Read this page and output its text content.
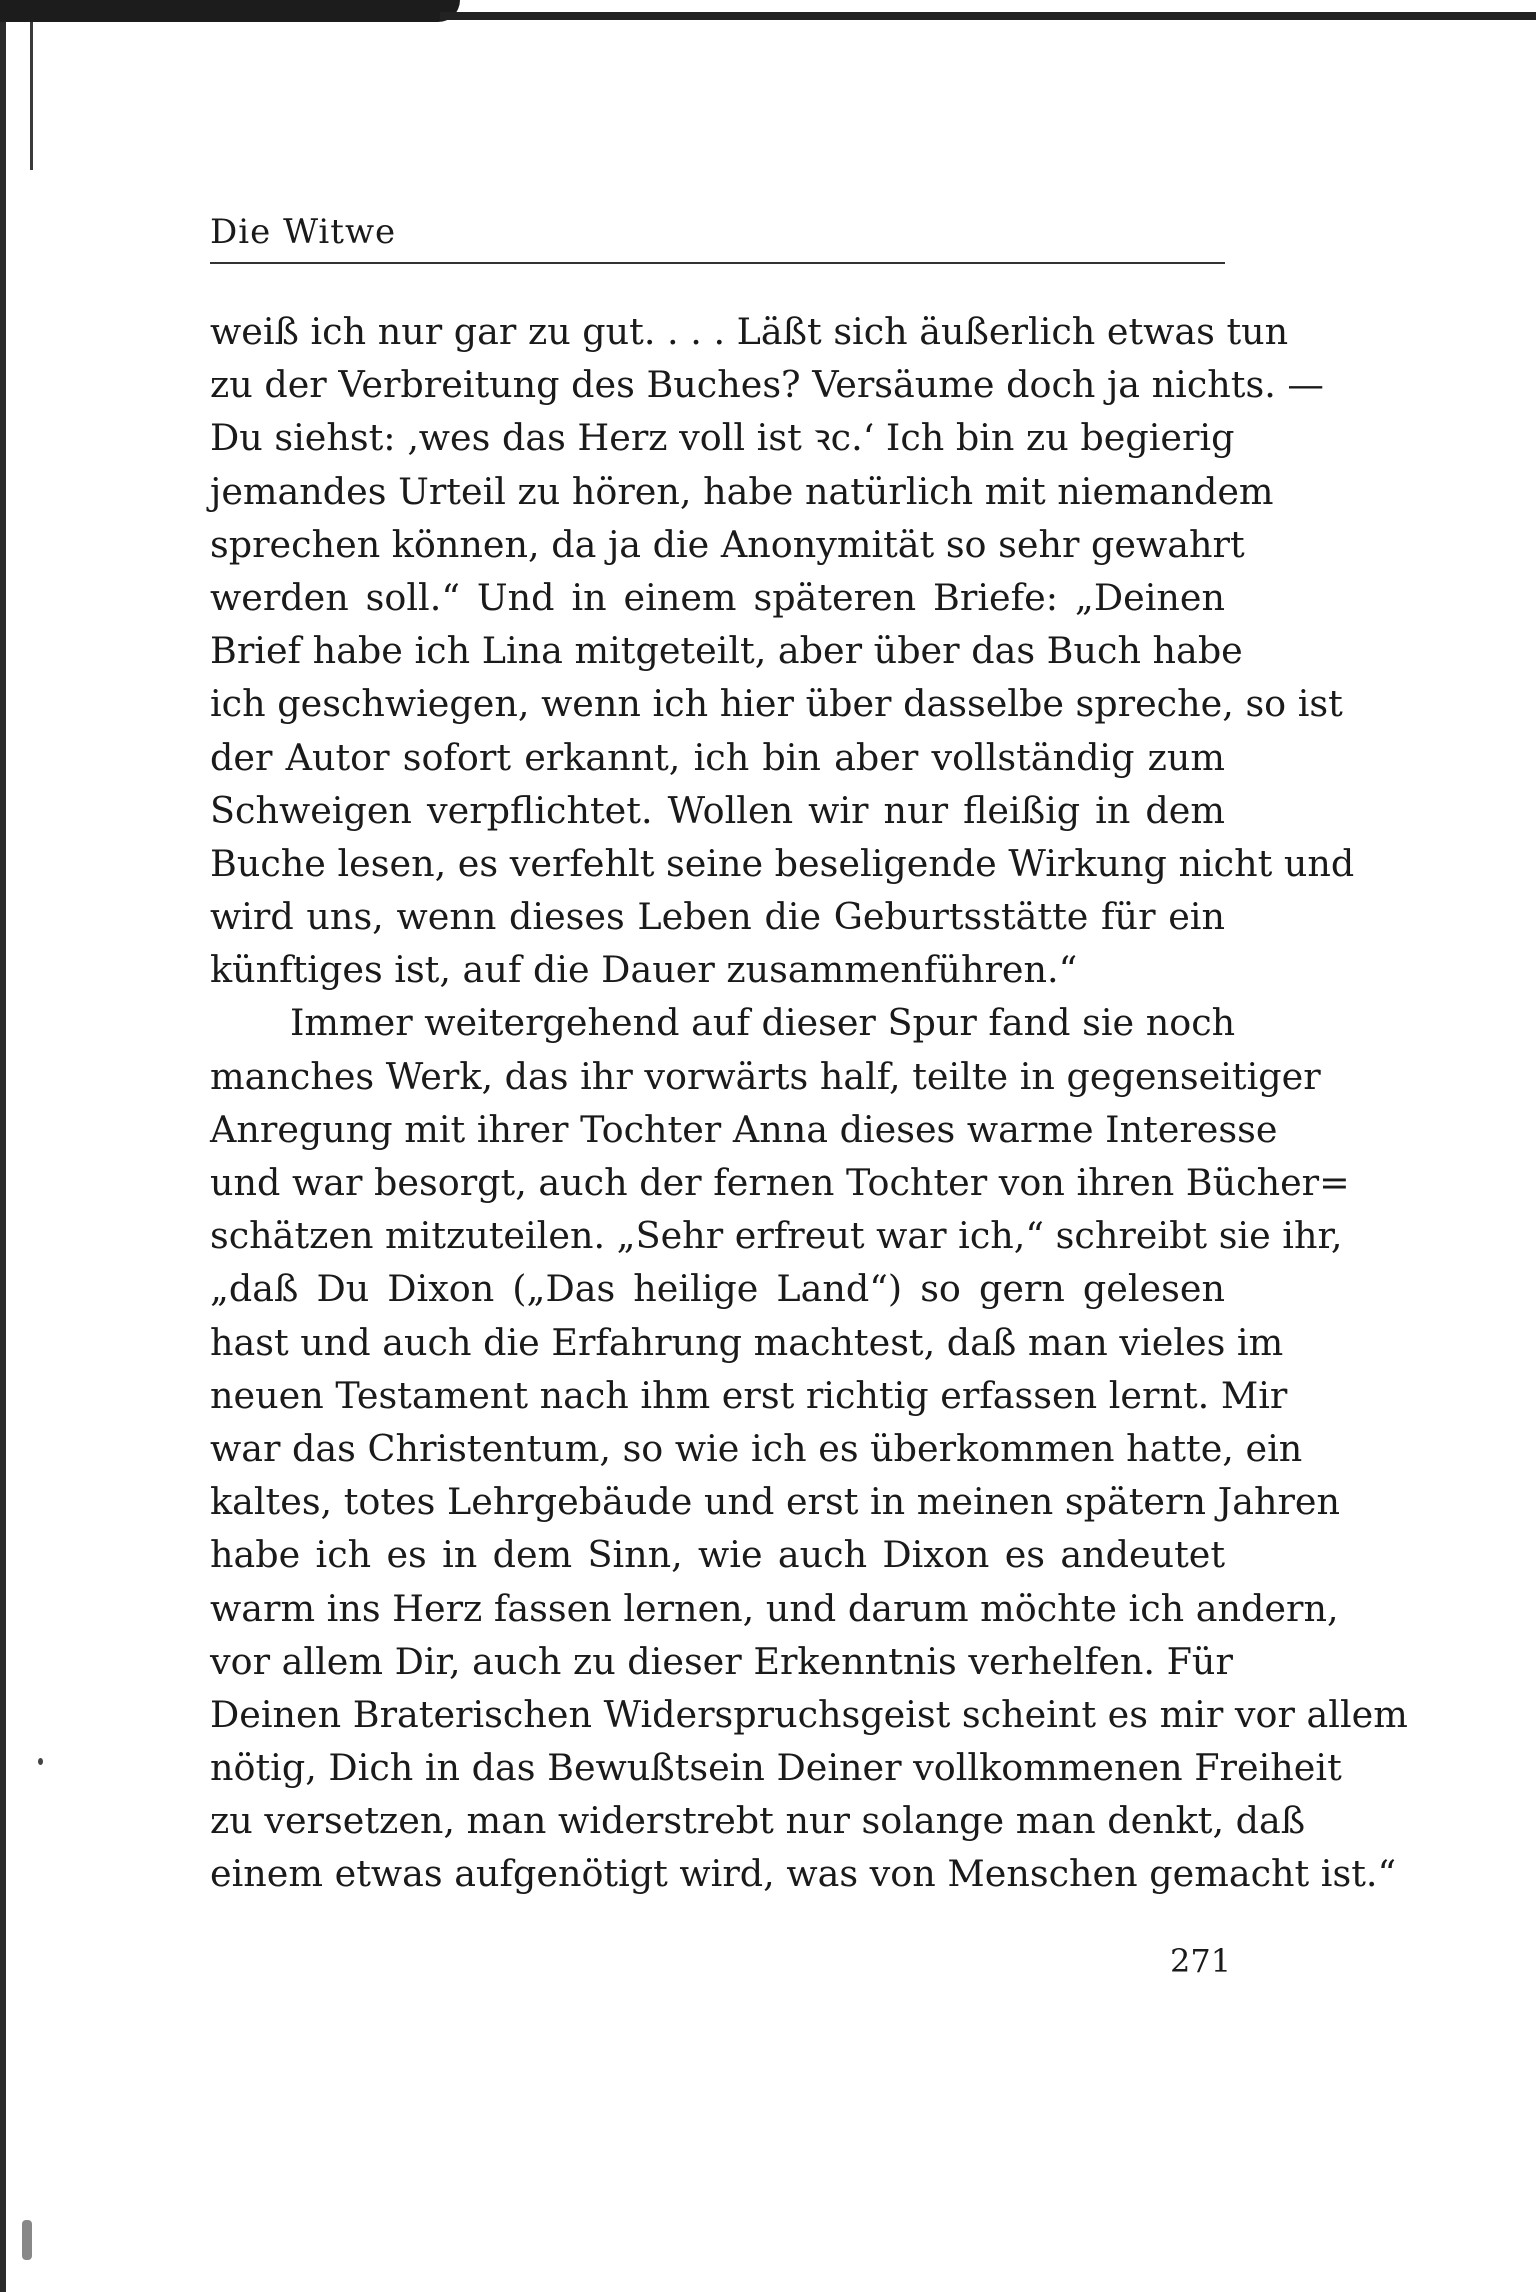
Die Witwe
weiß ich nur gar zu gut. . . . Läßt sich äußerlich etwas tun
zu der Verbreitung des Buches? Versäume doch ja nichts. —
Du siehst: ‚wes das Herz voll ist ꝛc.‘ Ich bin zu begierig
jemandes Urteil zu hören, habe natürlich mit niemandem
sprechen können, da ja die Anonymität so sehr gewahrt
werden soll.“ Und in einem späteren Briefe: „Deinen
Brief habe ich Lina mitgeteilt, aber über das Buch habe
ich geschwiegen, wenn ich hier über dasselbe spreche, so ist
der Autor sofort erkannt, ich bin aber vollständig zum
Schweigen verpflichtet. Wollen wir nur fleißig in dem
Buche lesen, es verfehlt seine beseligende Wirkung nicht und
wird uns, wenn dieses Leben die Geburtsstätte für ein
künftiges ist, auf die Dauer zusammenführen.“
Immer weitergehend auf dieser Spur fand sie noch
manches Werk, das ihr vorwärts half, teilte in gegenseitiger
Anregung mit ihrer Tochter Anna dieses warme Interesse
und war besorgt, auch der fernen Tochter von ihren Bücher=
schätzen mitzuteilen. „Sehr erfreut war ich,“ schreibt sie ihr,
„daß Du Dixon („Das heilige Land“) so gern gelesen
hast und auch die Erfahrung machtest, daß man vieles im
neuen Testament nach ihm erst richtig erfassen lernt. Mir
war das Christentum, so wie ich es überkommen hatte, ein
kaltes, totes Lehrgebäude und erst in meinen spätern Jahren
habe ich es in dem Sinn, wie auch Dixon es andeutet
warm ins Herz fassen lernen, und darum möchte ich andern,
vor allem Dir, auch zu dieser Erkenntnis verhelfen. Für
Deinen Braterischen Widerspruchsgeist scheint es mir vor allem
nötig, Dich in das Bewußtsein Deiner vollkommenen Freiheit
zu versetzen, man widerstrebt nur solange man denkt, daß
einem etwas aufgenötigt wird, was von Menschen gemacht ist.“
271
